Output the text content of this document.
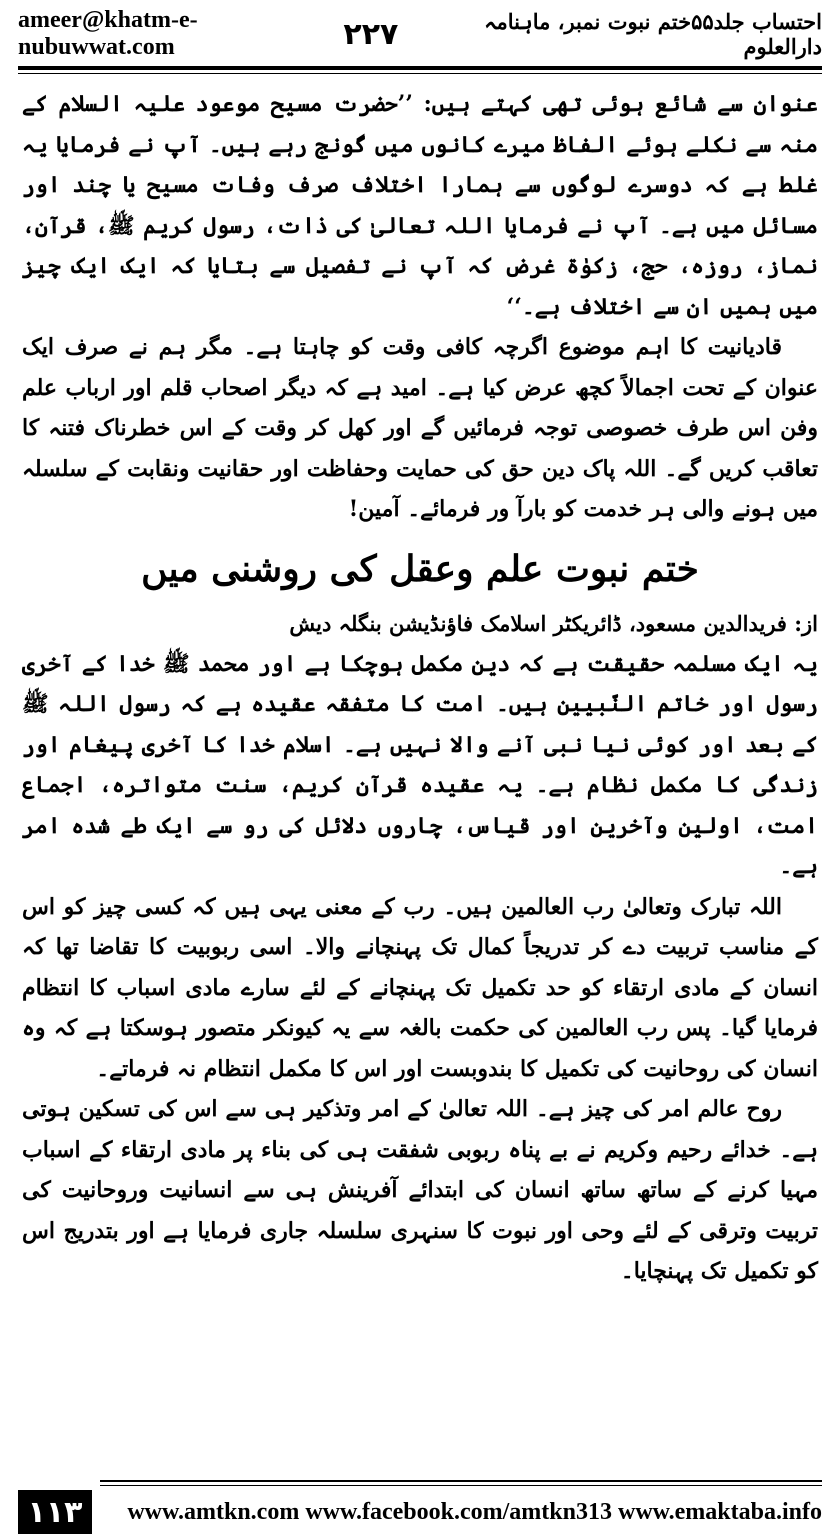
ameer@khatm-e-nubuwwat.com	۲۲۷	احتساب جلد۵۵ختم نبوت نمبر، ماہنامہ دارالعلوم

عنوان سے شائع ہوئی تھی کہتے ہیں: ’’حضرت مسیح موعود علیہ السلام کے منہ سے نکلے ہوئے الفاظ میرے کانوں میں گونج رہے ہیں۔ آپ نے فرمایا یہ غلط ہے کہ دوسرے لوگوں سے ہمارا اختلاف صرف وفات مسیح یا چند اور مسائل میں ہے۔ آپ نے فرمایا اللہ تعالیٰ کی ذات، رسول کریم ﷺ، قرآن، نماز، روزہ، حج، زکوٰۃ غرض کہ آپ نے تفصیل سے بتایا کہ ایک ایک چیز میں ہمیں ان سے اختلاف ہے۔‘‘

قادیانیت کا اہم موضوع اگرچہ کافی وقت کو چاہتا ہے۔ مگر ہم نے صرف ایک عنوان کے تحت اجمالاً کچھ عرض کیا ہے۔ امید ہے کہ دیگر اصحاب قلم اور ارباب علم وفن اس طرف خصوصی توجہ فرمائیں گے اور کھل کر وقت کے اس خطرناک فتنہ کا تعاقب کریں گے۔ اللہ پاک دین حق کی حمایت وحفاظت اور حقانیت ونقابت کے سلسلہ میں ہونے والی ہر خدمت کو بارآ ور فرمائے۔ آمین!

ختم نبوت علم وعقل کی روشنی میں

از: فریدالدین مسعود، ڈائریکٹر اسلامک فاؤنڈیشن بنگلہ دیش

یہ ایک مسلمہ حقیقت ہے کہ دین مکمل ہوچکا ہے اور محمد ﷺ خدا کے آخری رسول اور خاتم النّبیین ہیں۔ امت کا متفقہ عقیدہ ہے کہ رسول اللہ ﷺ کے بعد اور کوئی نیا نبی آنے والا نہیں ہے۔ اسلام خدا کا آخری پیغام اور زندگی کا مکمل نظام ہے۔ یہ عقیدہ قرآن کریم، سنت متواترہ، اجماع امت، اولین وآخرین اور قیاس، چاروں دلائل کی رو سے ایک طے شدہ امر ہے۔

اللہ تبارک وتعالیٰ رب العالمین ہیں۔ رب کے معنی یہی ہیں کہ کسی چیز کو اس کے مناسب تربیت دے کر تدریجاً کمال تک پہنچانے والا۔ اسی ربوبیت کا تقاضا تھا کہ انسان کے مادی ارتقاء کو حد تکمیل تک پہنچانے کے لئے سارے مادی اسباب کا انتظام فرمایا گیا۔ پس رب العالمین کی حکمت بالغہ سے یہ کیونکر متصور ہوسکتا ہے کہ وہ انسان کی روحانیت کی تکمیل کا بندوبست اور اس کا مکمل انتظام نہ فرماتے۔

روح عالم امر کی چیز ہے۔ اللہ تعالیٰ کے امر وتذکیر ہی سے اس کی تسکین ہوتی ہے۔ خدائے رحیم وکریم نے بے پناہ ربوبی شفقت ہی کی بناء پر مادی ارتقاء کے اسباب مہیا کرنے کے ساتھ ساتھ انسان کی ابتدائے آفرینش ہی سے انسانیت وروحانیت کی تربیت وترقی کے لئے وحی اور نبوت کا سنہری سلسلہ جاری فرمایا ہے اور بتدریج اس کو تکمیل تک پہنچایا۔

۱۱۳	www.amtkn.com www.facebook.com/amtkn313 www.emaktaba.info
